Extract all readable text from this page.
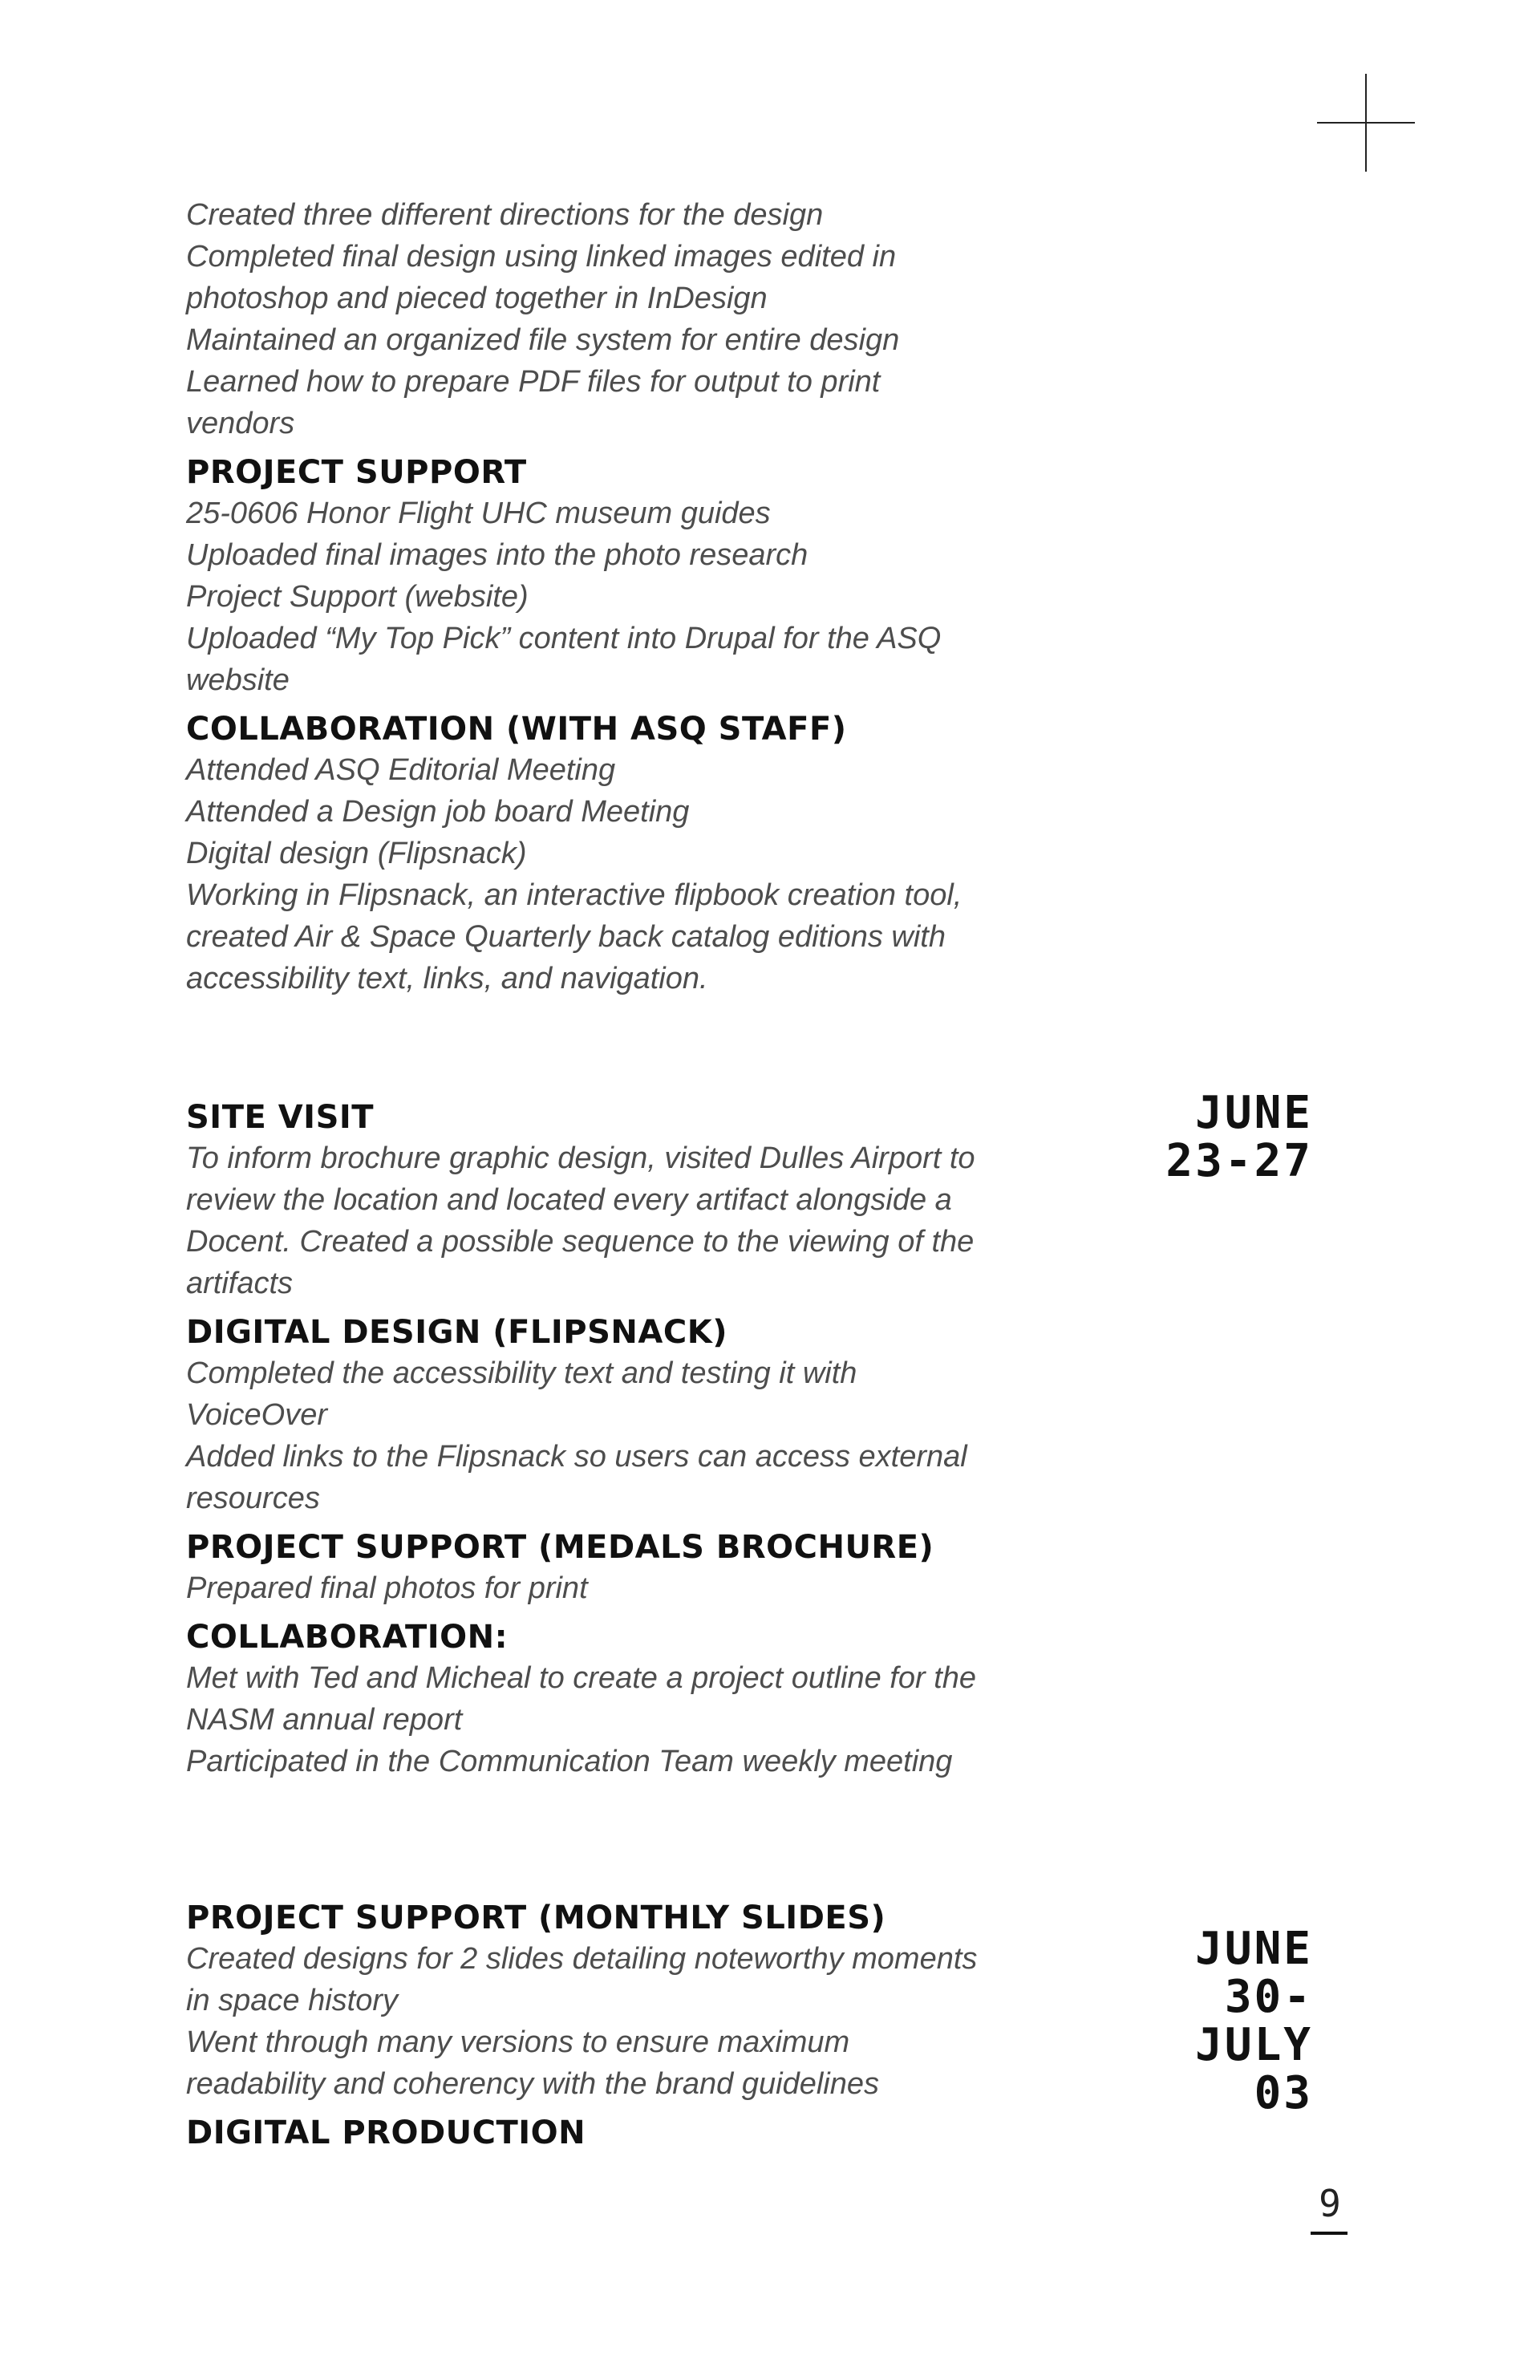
Created three different directions for the design
Completed final design using linked images edited in
photoshop and pieced together in InDesign
Maintained an organized file system for entire design
Learned how to prepare PDF files for output to print
vendors
PROJECT SUPPORT
25-0606 Honor Flight UHC museum guides
Uploaded final images into the photo research
Project Support (website)
Uploaded “My Top Pick” content into Drupal for the ASQ
website
COLLABORATION (WITH ASQ STAFF)
Attended ASQ Editorial Meeting
Attended a Design job board Meeting
Digital design (Flipsnack)
Working in Flipsnack, an interactive flipbook creation tool,
created Air & Space Quarterly back catalog editions with
accessibility text, links, and navigation.
JUNE
23-27
SITE VISIT
To inform brochure graphic design, visited Dulles Airport to
review the location and located every artifact alongside a
Docent. Created a possible sequence to the viewing of the
artifacts
DIGITAL DESIGN (FLIPSNACK)
Completed the accessibility text and testing it with
VoiceOver
Added links to the Flipsnack so users can access external
resources
PROJECT SUPPORT (MEDALS BROCHURE)
Prepared final photos for print
COLLABORATION:
Met with Ted and Micheal to create a project outline for the
NASM annual report
Participated in the Communication Team weekly meeting
JUNE
30-
JULY
03
PROJECT SUPPORT (MONTHLY SLIDES)
Created designs for 2 slides detailing noteworthy moments
in space history
Went through many versions to ensure maximum
readability and coherency with the brand guidelines
DIGITAL PRODUCTION
9
